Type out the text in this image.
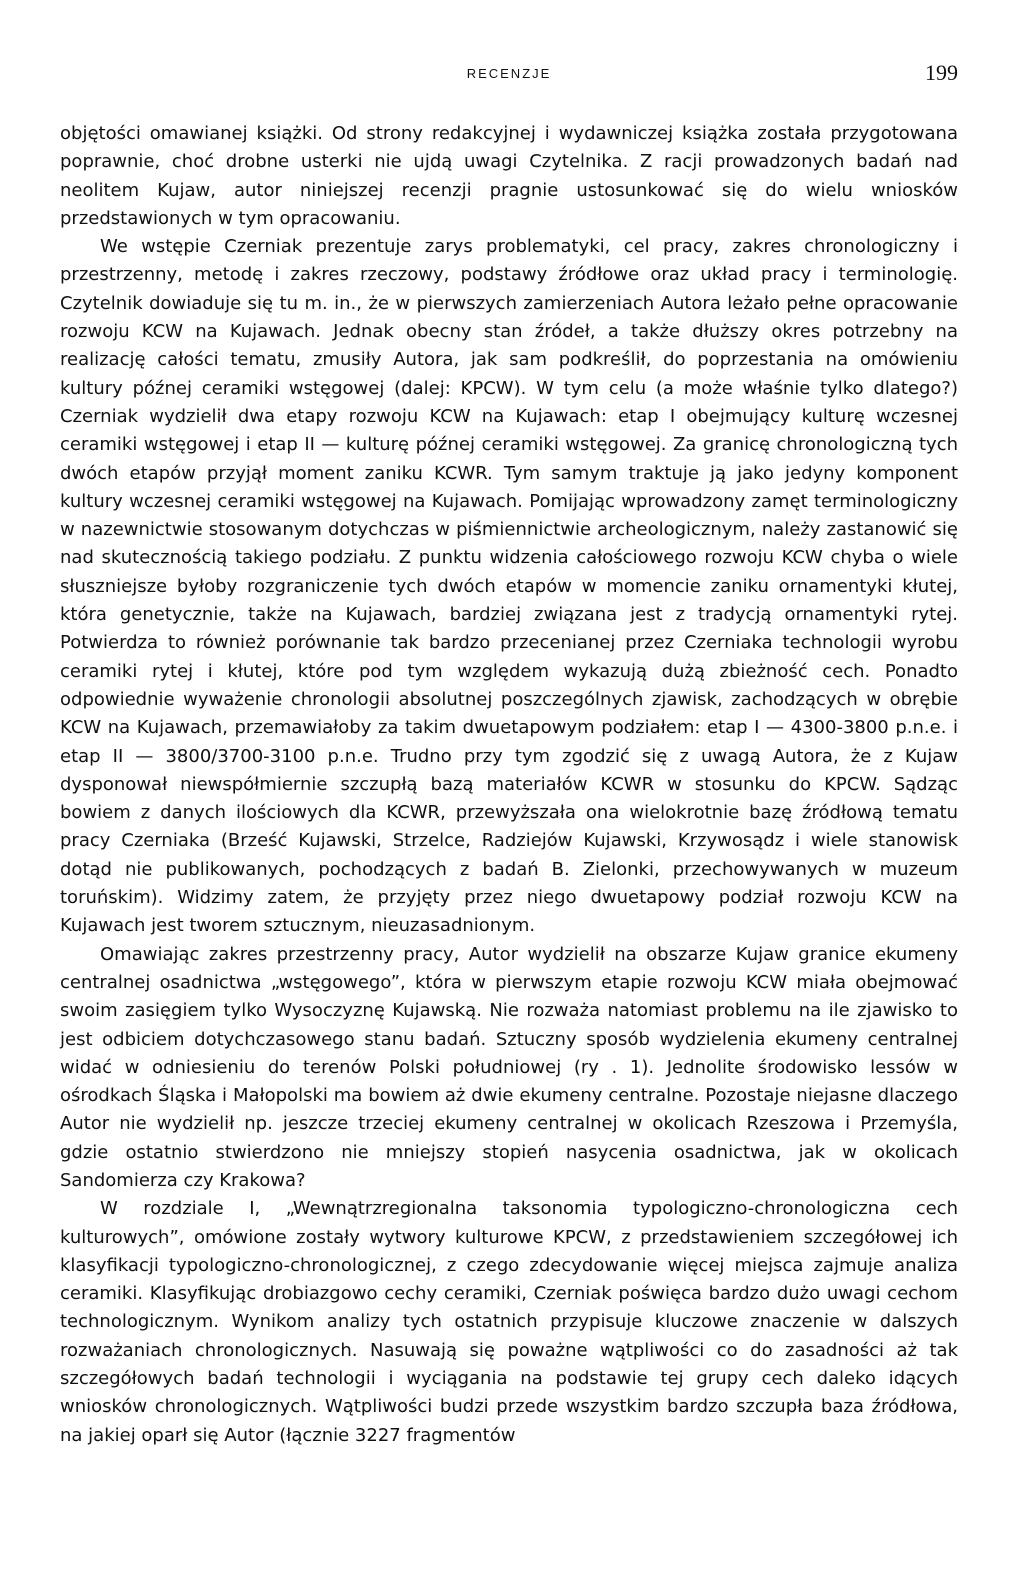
RECENZJE	199

objętości omawianej książki. Od strony redakcyjnej i wydawniczej książka została przygotowana poprawnie, choć drobne usterki nie ujdą uwagi Czytelnika. Z racji prowadzonych badań nad neolitem Kujaw, autor niniejszej recenzji pragnie ustosunkować się do wielu wniosków przedstawionych w tym opracowaniu.

We wstępie Czerniak prezentuje zarys problematyki, cel pracy, zakres chronologiczny i przestrzenny, metodę i zakres rzeczowy, podstawy źródłowe oraz układ pracy i terminologię. Czytelnik dowiaduje się tu m. in., że w pierwszych zamierzeniach Autora leżało pełne opracowanie rozwoju KCW na Kujawach. Jednak obecny stan źródeł, a także dłuższy okres potrzebny na realizację całości tematu, zmusiły Autora, jak sam podkreślił, do poprzestania na omówieniu kultury późnej ceramiki wstęgowej (dalej: KPCW). W tym celu (a może właśnie tylko dlatego?) Czerniak wydzielił dwa etapy rozwoju KCW na Kujawach: etap I obejmujący kulturę wczesnej ceramiki wstęgowej i etap II — kulturę późnej ceramiki wstęgowej. Za granicę chronologiczną tych dwóch etapów przyjął moment zaniku KCWR. Tym samym traktuje ją jako jedyny komponent kultury wczesnej ceramiki wstęgowej na Kujawach. Pomijając wprowadzony zamęt terminologiczny w nazewnictwie stosowanym dotychczas w piśmiennictwie archeologicznym, należy zastanowić się nad skutecznością takiego podziału. Z punktu widzenia całościowego rozwoju KCW chyba o wiele słuszniejsze byłoby rozgraniczenie tych dwóch etapów w momencie zaniku ornamentyki kłutej, która genetycznie, także na Kujawach, bardziej związana jest z tradycją ornamentyki rytej. Potwierdza to również porównanie tak bardzo przecenianej przez Czerniaka technologii wyrobu ceramiki rytej i kłutej, które pod tym względem wykazują dużą zbieżność cech. Ponadto odpowiednie wyważenie chronologii absolutnej poszczególnych zjawisk, zachodzących w obrębie KCW na Kujawach, przemawiałoby za takim dwuetapowym podziałem: etap I — 4300-3800 p.n.e. i etap II — 3800/3700-3100 p.n.e. Trudno przy tym zgodzić się z uwagą Autora, że z Kujaw dysponował niewspółmiernie szczupłą bazą materiałów KCWR w stosunku do KPCW. Sądząc bowiem z danych ilościowych dla KCWR, przewyższała ona wielokrotnie bazę źródłową tematu pracy Czerniaka (Brześć Kujawski, Strzelce, Radziejów Kujawski, Krzywosądz i wiele stanowisk dotąd nie publikowanych, pochodzących z badań B. Zielonki, przechowywanych w muzeum toruńskim). Widzimy zatem, że przyjęty przez niego dwuetapowy podział rozwoju KCW na Kujawach jest tworem sztucznym, nieuzasadnionym.

Omawiając zakres przestrzenny pracy, Autor wydzielił na obszarze Kujaw granice ekumeny centralnej osadnictwa „wstęgowego”, która w pierwszym etapie rozwoju KCW miała obejmować swoim zasięgiem tylko Wysoczyznę Kujawską. Nie rozważa natomiast problemu na ile zjawisko to jest odbiciem dotychczasowego stanu badań. Sztuczny sposób wydzielenia ekumeny centralnej widać w odniesieniu do terenów Polski południowej (ry . 1). Jednolite środowisko lessów w ośrodkach Śląska i Małopolski ma bowiem aż dwie ekumeny centralne. Pozostaje niejasne dlaczego Autor nie wydzielił np. jeszcze trzeciej ekumeny centralnej w okolicach Rzeszowa i Przemyśla, gdzie ostatnio stwierdzono nie mniejszy stopień nasycenia osadnictwa, jak w okolicach Sandomierza czy Krakowa?

W rozdziale I, „Wewnątrzregionalna taksonomia typologiczno-chronologiczna cech kulturowych”, omówione zostały wytwory kulturowe KPCW, z przedstawieniem szczegółowej ich klasyfikacji typologiczno-chronologicznej, z czego zdecydowanie więcej miejsca zajmuje analiza ceramiki. Klasyfikując drobiazgowo cechy ceramiki, Czerniak poświęca bardzo dużo uwagi cechom technologicznym. Wynikom analizy tych ostatnich przypisuje kluczowe znaczenie w dalszych rozważaniach chronologicznych. Nasuwają się poważne wątpliwości co do zasadności aż tak szczegółowych badań technologii i wyciągania na podstawie tej grupy cech daleko idących wniosków chronologicznych. Wątpliwości budzi przede wszystkim bardzo szczupła baza źródłowa, na jakiej oparł się Autor (łącznie 3227 fragmentów
